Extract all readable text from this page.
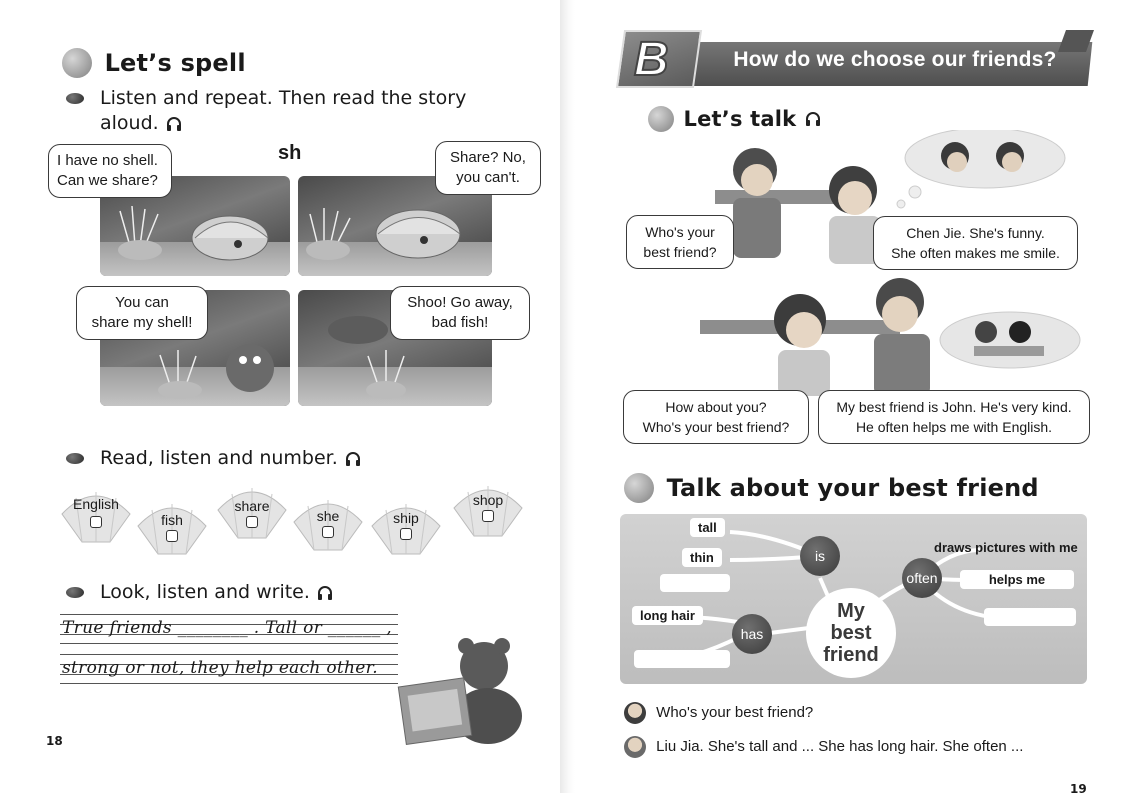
Let’s spell
Listen and repeat. Then read the story
aloud.
sh
I have no shell.
Can we share?
Share? No,
you can't.
You can
share my shell!
Shoo! Go away,
bad fish!
Read, listen and number.
English
fish
share
she	ship
shop
Look, listen and write.
True friends ________ . Tall or ______ ,
strong or not, they help each other.
18
B	How do we choose our friends?
Let’s talk
Who's your
best friend?
Chen Jie. She's funny.
She often makes me smile.
How about you?
Who's your best friend?
My best friend is John. He's very kind.
He often helps me with English.
Talk about your best friend
tall
thin
long hair
draws pictures with me
helps me
is
has
often
My
best
friend
Who's your best friend?
Liu Jia. She's tall and ... She has long hair. She often ...
19
